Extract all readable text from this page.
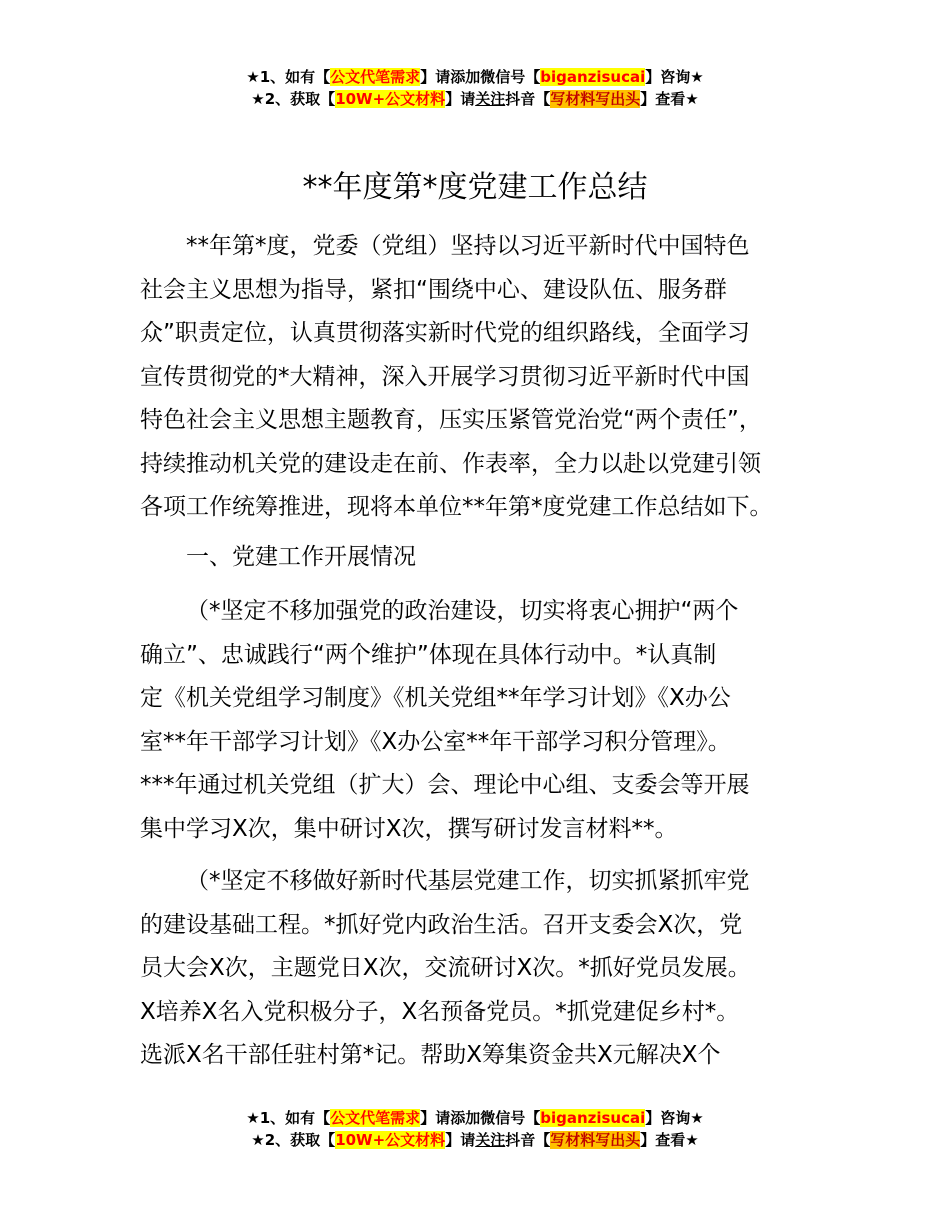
★1、如有【公文代笔需求】请添加微信号【biganzisucai】咨询★
★2、获取【10W+公文材料】请关注抖音【写材料写出头】查看★
**年度第*度党建工作总结

**年第*度，党委（党组）坚持以习近平新时代中国特色
社会主义思想为指导，紧扣“围绕中心、建设队伍、服务群
众”职责定位，认真贯彻落实新时代党的组织路线，全面学习
宣传贯彻党的*大精神，深入开展学习贯彻习近平新时代中国
特色社会主义思想主题教育，压实压紧管党治党“两个责任”，
持续推动机关党的建设走在前、作表率，全力以赴以党建引领
各项工作统筹推进，现将本单位**年第*度党建工作总结如下。

一、党建工作开展情况

（*坚定不移加强党的政治建设，切实将衷心拥护“两个
确立”、忠诚践行“两个维护”体现在具体行动中。*认真制
定《机关党组学习制度》《机关党组**年学习计划》《X办公
室**年干部学习计划》《X办公室**年干部学习积分管理》。
***年通过机关党组（扩大）会、理论中心组、支委会等开展
集中学习X次，集中研讨X次，撰写研讨发言材料**。

（*坚定不移做好新时代基层党建工作，切实抓紧抓牢党
的建设基础工程。*抓好党内政治生活。召开支委会X次，党
员大会X次，主题党日X次，交流研讨X次。*抓好党员发展。
X培养X名入党积极分子，X名预备党员。*抓党建促乡村*。
选派X名干部任驻村第*记。帮助X筹集资金共X元解决X个

★1、如有【公文代笔需求】请添加微信号【biganzisucai】咨询★
★2、获取【10W+公文材料】请关注抖音【写材料写出头】查看★
